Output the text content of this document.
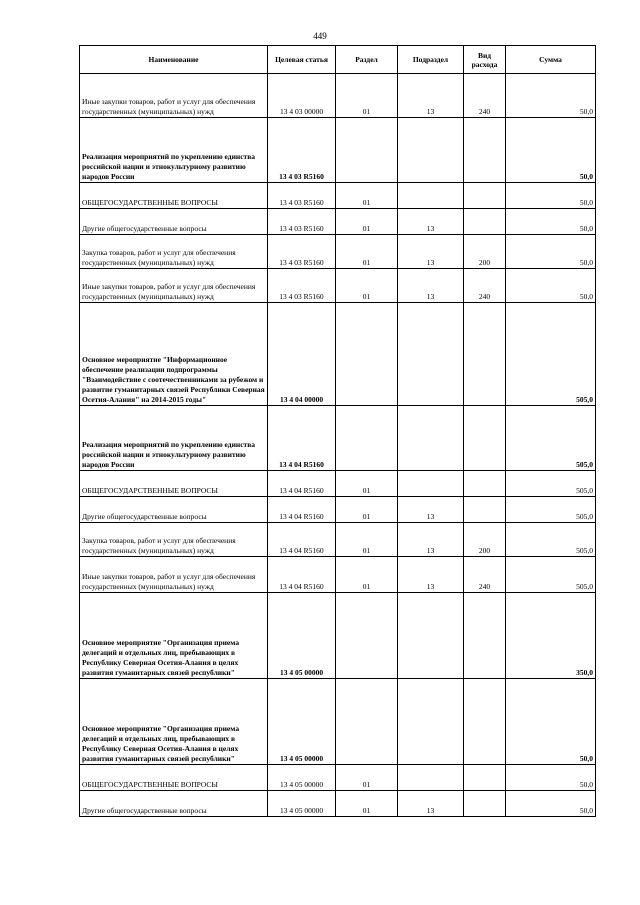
449
Наименование	Целевая статья	Раздел	Подраздел	Вид расхода	Сумма
Иные закупки товаров, работ и услуг для обеспечения государственных (муниципальных) нужд	13 4 03 00000	01	13	240	50,0
Реализация мероприятий по укреплению единства российской нации и этнокультурному развитию народов России	13 4 03 R5160				50,0
ОБЩЕГОСУДАРСТВЕННЫЕ ВОПРОСЫ	13 4 03 R5160	01			50,0
Другие общегосударственные вопросы	13 4 03 R5160	01	13		50,0
Закупка товаров, работ и услуг для обеспечения государственных (муниципальных) нужд	13 4 03 R5160	01	13	200	50,0
Иные закупки товаров, работ и услуг для обеспечения государственных (муниципальных) нужд	13 4 03 R5160	01	13	240	50,0
Основное мероприятие "Информационное обеспечение реализации подпрограммы "Взаимодействие с соотечественниками за рубежом и развитие гуманитарных связей Республики Северная Осетия-Алания" на 2014-2015 годы"	13 4 04 00000				505,0
Реализация мероприятий по укреплению единства российской нации и этнокультурному развитию народов России	13 4 04 R5160				505,0
ОБЩЕГОСУДАРСТВЕННЫЕ ВОПРОСЫ	13 4 04 R5160	01			505,0
Другие общегосударственные вопросы	13 4 04 R5160	01	13		505,0
Закупка товаров, работ и услуг для обеспечения государственных (муниципальных) нужд	13 4 04 R5160	01	13	200	505,0
Иные закупки товаров, работ и услуг для обеспечения государственных (муниципальных) нужд	13 4 04 R5160	01	13	240	505,0
Основное мероприятие "Организация приема делегаций и отдельных лиц, пребывающих в Республику Северная Осетия-Алания в целях развития гуманитарных связей республики"	13 4 05 00000				350,0
Основное мероприятие "Организация приема делегаций и отдельных лиц, пребывающих в Республику Северная Осетия-Алания в целях развития гуманитарных связей республики"	13 4 05 00000				50,0
ОБЩЕГОСУДАРСТВЕННЫЕ ВОПРОСЫ	13 4 05 00000	01			50,0
Другие общегосударственные вопросы	13 4 05 00000	01	13		50,0
